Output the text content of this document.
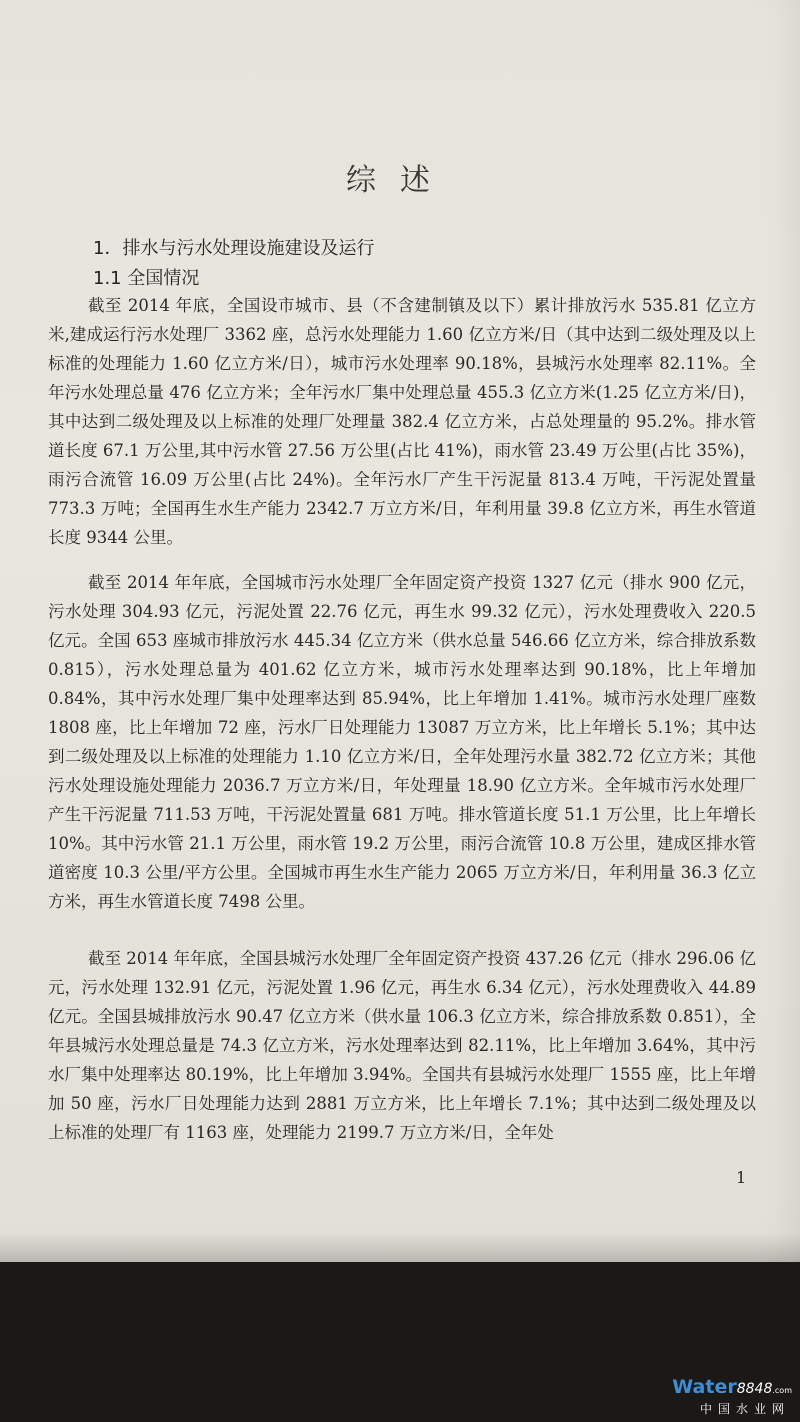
综述
1．排水与污水处理设施建设及运行
1.1 全国情况

截至 2014 年底，全国设市城市、县（不含建制镇及以下）累计排放污水 535.81 亿立方米,建成运行污水处理厂 3362 座，总污水处理能力 1.60 亿立方米/日（其中达到二级处理及以上标准的处理能力 1.60 亿立方米/日），城市污水处理率 90.18%，县城污水处理率 82.11%。全年污水处理总量 476 亿立方米；全年污水厂集中处理总量 455.3 亿立方米(1.25 亿立方米/日)，其中达到二级处理及以上标准的处理厂处理量 382.4 亿立方米，占总处理量的 95.2%。排水管道长度 67.1 万公里,其中污水管 27.56 万公里(占比 41%)，雨水管 23.49 万公里(占比 35%)，雨污合流管 16.09 万公里(占比 24%)。全年污水厂产生干污泥量 813.4 万吨，干污泥处置量 773.3 万吨；全国再生水生产能力 2342.7 万立方米/日，年利用量 39.8 亿立方米，再生水管道长度 9344 公里。

截至 2014 年年底，全国城市污水处理厂全年固定资产投资 1327 亿元（排水 900 亿元，污水处理 304.93 亿元，污泥处置 22.76 亿元，再生水 99.32 亿元），污水处理费收入 220.5 亿元。全国 653 座城市排放污水 445.34 亿立方米（供水总量 546.66 亿立方米，综合排放系数 0.815），污水处理总量为 401.62 亿立方米，城市污水处理率达到 90.18%，比上年增加 0.84%，其中污水处理厂集中处理率达到 85.94%，比上年增加 1.41%。城市污水处理厂座数 1808 座，比上年增加 72 座，污水厂日处理能力 13087 万立方米，比上年增长 5.1%；其中达到二级处理及以上标准的处理能力 1.10 亿立方米/日，全年处理污水量 382.72 亿立方米；其他污水处理设施处理能力 2036.7 万立方米/日，年处理量 18.90 亿立方米。全年城市污水处理厂产生干污泥量 711.53 万吨，干污泥处置量 681 万吨。排水管道长度 51.1 万公里，比上年增长 10%。其中污水管 21.1 万公里，雨水管 19.2 万公里，雨污合流管 10.8 万公里，建成区排水管道密度 10.3 公里/平方公里。全国城市再生水生产能力 2065 万立方米/日，年利用量 36.3 亿立方米，再生水管道长度 7498 公里。

截至 2014 年年底，全国县城污水处理厂全年固定资产投资 437.26 亿元（排水 296.06 亿元，污水处理 132.91 亿元，污泥处置 1.96 亿元，再生水 6.34 亿元），污水处理费收入 44.89 亿元。全国县城排放污水 90.47 亿立方米（供水量 106.3 亿立方米，综合排放系数 0.851），全年县城污水处理总量是 74.3 亿立方米，污水处理率达到 82.11%，比上年增加 3.64%，其中污水厂集中处理率达 80.19%，比上年增加 3.94%。全国共有县城污水处理厂 1555 座，比上年增加 50 座，污水厂日处理能力达到 2881 万立方米，比上年增长 7.1%；其中达到二级处理及以上标准的处理厂有 1163 座，处理能力 2199.7 万立方米/日，全年处

1
Water8848.com
中国水业网
